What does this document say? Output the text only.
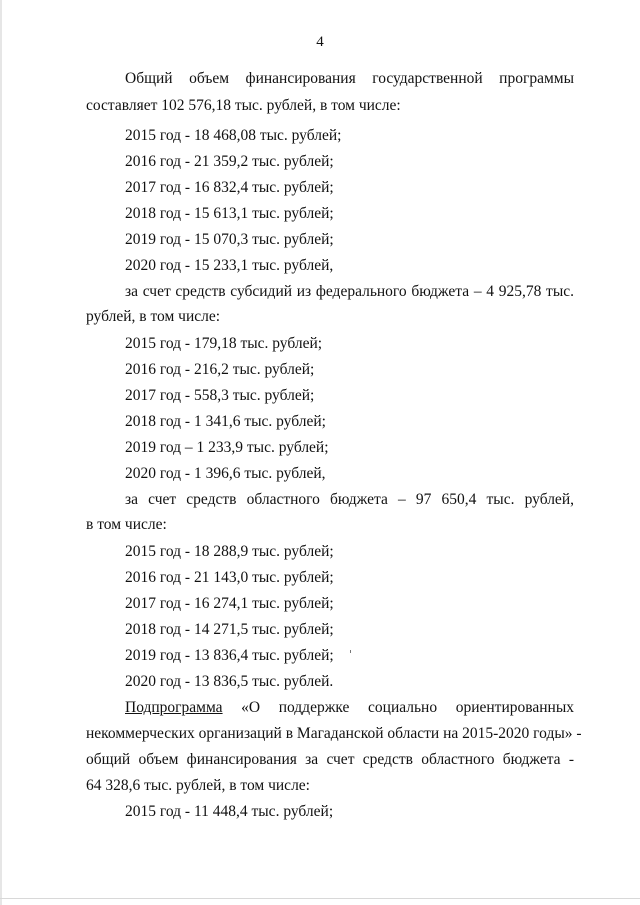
4
Общий объем финансирования государственной программы
составляет 102 576,18 тыс. рублей, в том числе:
2015 год - 18 468,08 тыс. рублей;
2016 год - 21 359,2 тыс. рублей;
2017 год - 16 832,4 тыс. рублей;
2018 год - 15 613,1 тыс. рублей;
2019 год - 15 070,3 тыс. рублей;
2020 год - 15 233,1 тыс. рублей,
за счет средств субсидий из федерального бюджета – 4 925,78 тыс.
рублей, в том числе:
2015 год - 179,18 тыс. рублей;
2016 год - 216,2 тыс. рублей;
2017 год - 558,3 тыс. рублей;
2018 год - 1 341,6 тыс. рублей;
2019 год – 1 233,9 тыс. рублей;
2020 год - 1 396,6 тыс. рублей,
за счет средств областного бюджета – 97 650,4 тыс. рублей,
в том числе:
2015 год - 18 288,9 тыс. рублей;
2016 год - 21 143,0 тыс. рублей;
2017 год - 16 274,1 тыс. рублей;
2018 год - 14 271,5 тыс. рублей;
2019 год - 13 836,4 тыс. рублей;
2020 год - 13 836,5 тыс. рублей.
Подпрограмма «О поддержке социально ориентированных
некоммерческих организаций в Магаданской области на 2015-2020 годы» -
общий объем финансирования за счет средств областного бюджета -
64 328,6 тыс. рублей, в том числе:
2015 год - 11 448,4 тыс. рублей;
